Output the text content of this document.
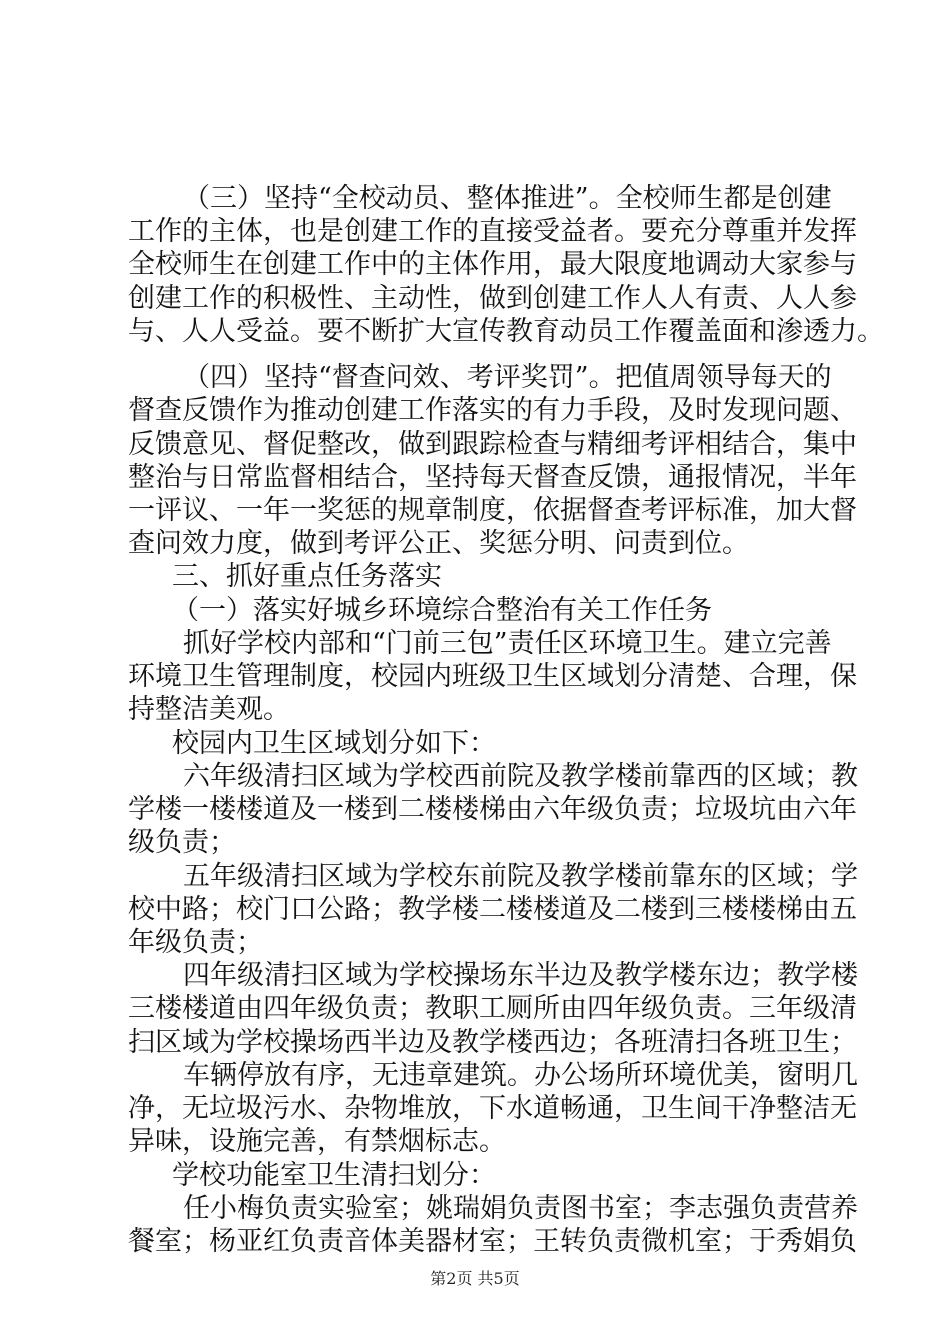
（三）坚持“全校动员、整体推进”。全校师生都是创建
工作的主体，也是创建工作的直接受益者。要充分尊重并发挥
全校师生在创建工作中的主体作用，最大限度地调动大家参与
创建工作的积极性、主动性，做到创建工作人人有责、人人参
与、人人受益。要不断扩大宣传教育动员工作覆盖面和渗透力。
（四）坚持“督查问效、考评奖罚”。把值周领导每天的
督查反馈作为推动创建工作落实的有力手段，及时发现问题、
反馈意见、督促整改，做到跟踪检查与精细考评相结合，集中
整治与日常监督相结合，坚持每天督查反馈，通报情况，半年
一评议、一年一奖惩的规章制度，依据督查考评标准，加大督
查问效力度，做到考评公正、奖惩分明、问责到位。
三、抓好重点任务落实
（一）落实好城乡环境综合整治有关工作任务
抓好学校内部和“门前三包”责任区环境卫生。建立完善
环境卫生管理制度，校园内班级卫生区域划分清楚、合理，保
持整洁美观。
校园内卫生区域划分如下：
六年级清扫区域为学校西前院及教学楼前靠西的区域；教
学楼一楼楼道及一楼到二楼楼梯由六年级负责；垃圾坑由六年
级负责；
五年级清扫区域为学校东前院及教学楼前靠东的区域；学
校中路；校门口公路；教学楼二楼楼道及二楼到三楼楼梯由五
年级负责；
四年级清扫区域为学校操场东半边及教学楼东边；教学楼
三楼楼道由四年级负责；教职工厕所由四年级负责。三年级清
扫区域为学校操场西半边及教学楼西边；各班清扫各班卫生；
车辆停放有序，无违章建筑。办公场所环境优美，窗明几
净，无垃圾污水、杂物堆放，下水道畅通，卫生间干净整洁无
异味，设施完善，有禁烟标志。
学校功能室卫生清扫划分：
任小梅负责实验室；姚瑞娟负责图书室；李志强负责营养
餐室；杨亚红负责音体美器材室；王转负责微机室；于秀娟负
第2页 共5页
